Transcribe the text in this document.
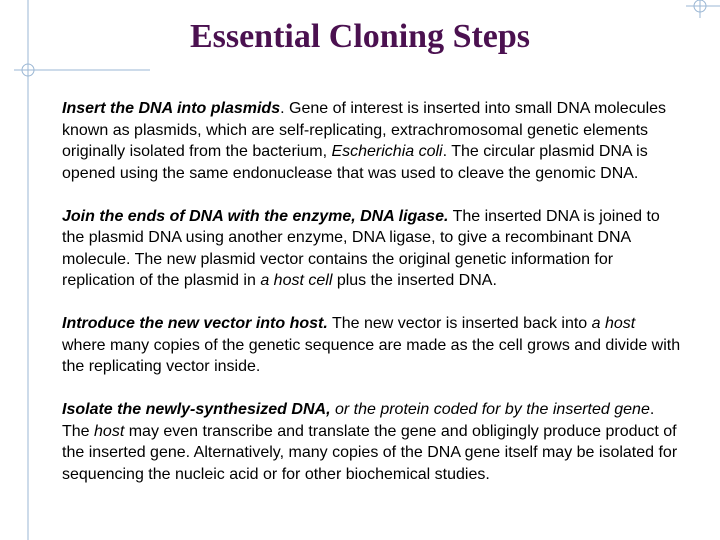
Essential Cloning Steps

Insert the DNA into plasmids. Gene of interest is inserted into small DNA molecules known as plasmids, which are self-replicating, extrachromosomal genetic elements originally isolated from the bacterium, Escherichia coli. The circular plasmid DNA is opened using the same endonuclease that was used to cleave the genomic DNA.

Join the ends of DNA with the enzyme, DNA ligase. The inserted DNA is joined to the plasmid DNA using another enzyme, DNA ligase, to give a recombinant DNA molecule. The new plasmid vector contains the original genetic information for replication of the plasmid in a host cell plus the inserted DNA.

Introduce the new vector into host. The new vector is inserted back into a host where many copies of the genetic sequence are made as the cell grows and divide with the replicating vector inside.

Isolate the newly-synthesized DNA, or the protein coded for by the inserted gene. The host may even transcribe and translate the gene and obligingly produce product of the inserted gene. Alternatively, many copies of the DNA gene itself may be isolated for sequencing the nucleic acid or for other biochemical studies.
